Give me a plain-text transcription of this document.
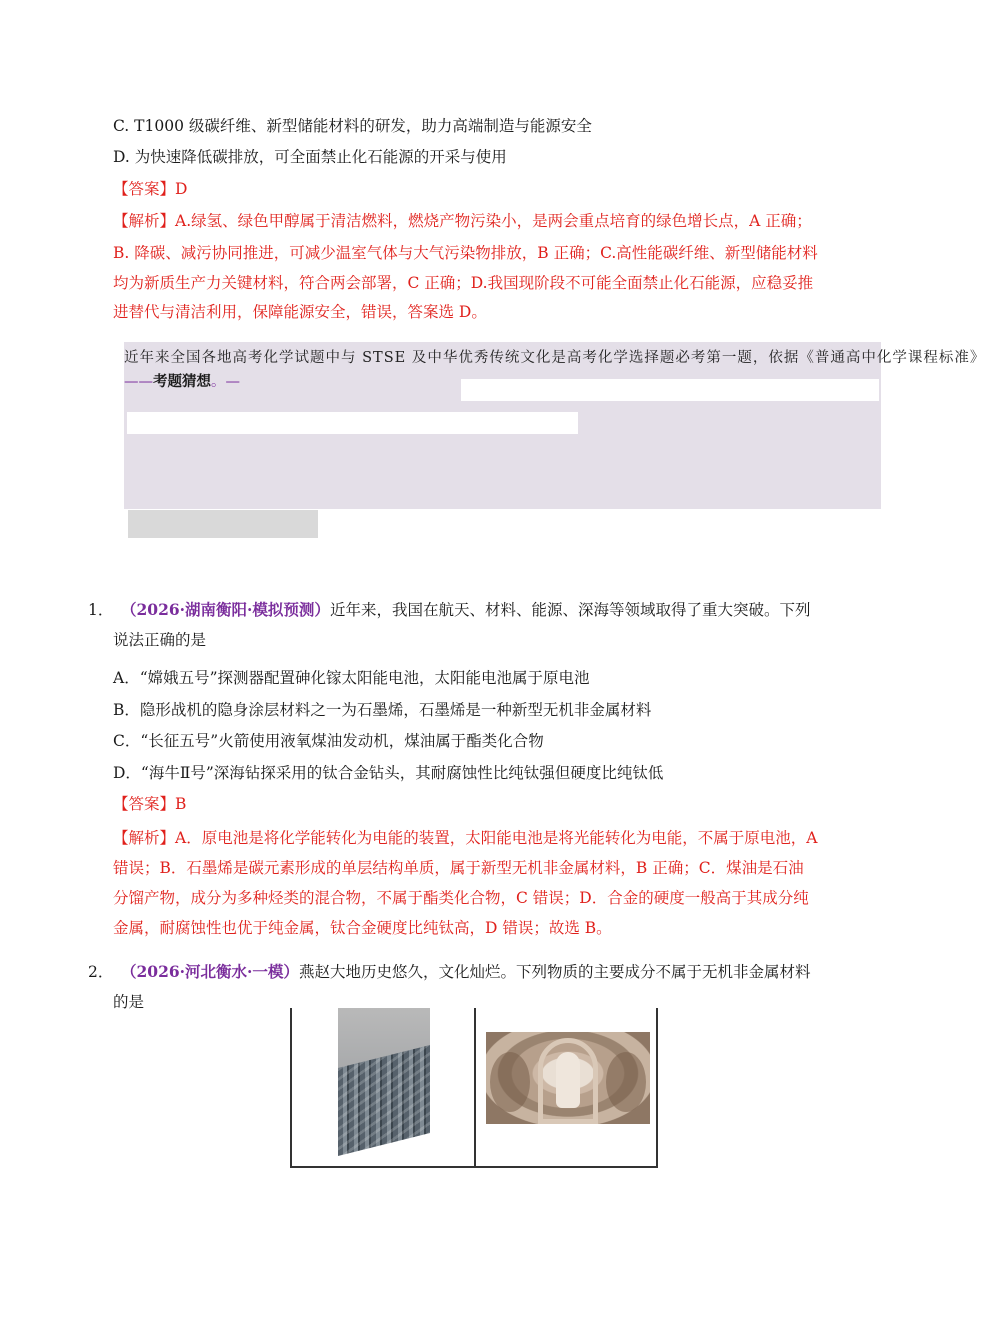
C. T1000 级碳纤维、新型储能材料的研发，助力高端制造与能源安全
D. 为快速降低碳排放，可全面禁止化石能源的开采与使用
【答案】D
【解析】A.绿氢、绿色甲醇属于清洁燃料，燃烧产物污染小，是两会重点培育的绿色增长点，A 正确；
B. 降碳、减污协同推进，可减少温室气体与大气污染物排放，B 正确；C.高性能碳纤维、新型储能材料
均为新质生产力关键材料，符合两会部署，C 正确；D.我国现阶段不可能全面禁止化石能源，应稳妥推
进替代与清洁利用，保障能源安全，错误，答案选 D。
近年来全国各地高考化学试题中与 STSE 及中华优秀传统文化是高考化学选择题必考第一题，依据《普通高中化学课程标准》
——考题猜想。—
1． （2026·湖南衡阳·模拟预测）近年来，我国在航天、材料、能源、深海等领域取得了重大突破。下列
说法正确的是
A．“嫦娥五号”探测器配置砷化镓太阳能电池，太阳能电池属于原电池
B．隐形战机的隐身涂层材料之一为石墨烯，石墨烯是一种新型无机非金属材料
C．“长征五号”火箭使用液氧煤油发动机，煤油属于酯类化合物
D．“海牛Ⅱ号”深海钻探采用的钛合金钻头，其耐腐蚀性比纯钛强但硬度比纯钛低
【答案】B
【解析】A．原电池是将化学能转化为电能的装置，太阳能电池是将光能转化为电能，不属于原电池，A
错误；B．石墨烯是碳元素形成的单层结构单质，属于新型无机非金属材料，B 正确；C．煤油是石油
分馏产物，成分为多种烃类的混合物，不属于酯类化合物，C 错误；D．合金的硬度一般高于其成分纯
金属，耐腐蚀性也优于纯金属，钛合金硬度比纯钛高，D 错误；故选 B。
2． （2026·河北衡水·一模）燕赵大地历史悠久，文化灿烂。下列物质的主要成分不属于无机非金属材料
的是
